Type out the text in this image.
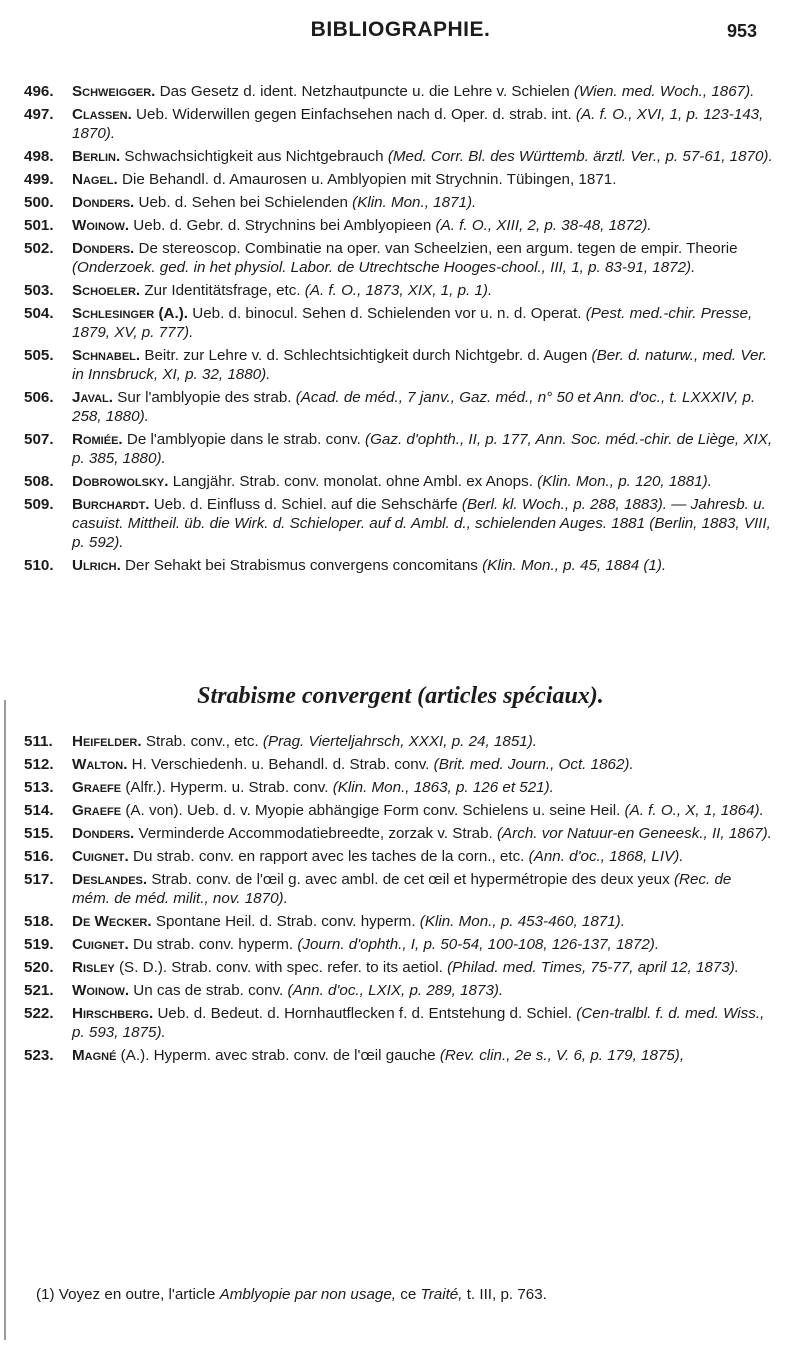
BIBLIOGRAPHIE.	953
496. Schweigger. Das Gesetz d. ident. Netzhautpuncte u. die Lehre v. Schielen (Wien. med. Woch., 1867).
497. Classen. Ueb. Widerwillen gegen Einfachsehen nach d. Oper. d. strab. int. (A. f. O., XVI, 1, p. 123-143, 1870).
498. Berlin. Schwachsichtigkeit aus Nichtgebrauch (Med. Corr. Bl. des Württemb. ärztl. Ver., p. 57-61, 1870).
499. Nagel. Die Behandl. d. Amaurosen u. Amblyopien mit Strychnin. Tübingen, 1871.
500. Donders. Ueb. d. Sehen bei Schielenden (Klin. Mon., 1871).
501. Woinow. Ueb. d. Gebr. d. Strychnins bei Amblyopieen (A. f. O., XIII, 2, p. 38-48, 1872).
502. Donders. De stereoscop. Combinatie na oper. van Scheelzien, een argum. tegen de empir. Theorie (Onderzoek. ged. in het physiol. Labor. de Utrechtsche Hooges-chool., III, 1, p. 83-91, 1872).
503. Schoeler. Zur Identitätsfrage, etc. (A. f. O., 1873, XIX, 1, p. 1).
504. Schlesinger (A.). Ueb. d. binocul. Sehen d. Schielenden vor u. n. d. Operat. (Pest. med.-chir. Presse, 1879, XV, p. 777).
505. Schnabel. Beitr. zur Lehre v. d. Schlechtsichtigkeit durch Nichtgebr. d. Augen (Ber. d. naturw., med. Ver. in Innsbruck, XI, p. 32, 1880).
506. Javal. Sur l'amblyopie des strab. (Acad. de méd., 7 janv., Gaz. méd., n° 50 et Ann. d'oc., t. LXXXIV, p. 258, 1880).
507. Romiée. De l'amblyopie dans le strab. conv. (Gaz. d'ophth., II, p. 177, Ann. Soc. méd.-chir. de Liège, XIX, p. 385, 1880).
508. Dobrowolsky. Langjähr. Strab. conv. monolat. ohne Ambl. ex Anops. (Klin. Mon., p. 120, 1881).
509. Burchardt. Ueb. d. Einfluss d. Schiel. auf die Sehschärfe (Berl. kl. Woch., p. 288, 1883). — Jahresb. u. casuist. Mittheil. üb. die Wirk. d. Schieloper. auf d. Ambl. d., schielenden Auges. 1881 (Berlin, 1883, VIII, p. 592).
510. Ulrich. Der Sehakt bei Strabismus convergens concomitans (Klin. Mon., p. 45, 1884 (1).
Strabisme convergent (articles spéciaux).
511. Heifelder. Strab. conv., etc. (Prag. Vierteljahrsch, XXXI, p. 24, 1851).
512. Walton. H. Verschiedenh. u. Behandl. d. Strab. conv. (Brit. med. Journ., Oct. 1862).
513. Graefe (Alfr.). Hyperm. u. Strab. conv. (Klin. Mon., 1863, p. 126 et 521).
514. Graefe (A. von). Ueb. d. v. Myopie abhängige Form conv. Schielens u. seine Heil. (A. f. O., X, 1, 1864).
515. Donders. Verminderde Accommodatiebreedte, zorzak v. Strab. (Arch. vor Natuur-en Geneesk., II, 1867).
516. Cuignet. Du strab. conv. en rapport avec les taches de la corn., etc. (Ann. d'oc., 1868, LIV).
517. Deslandes. Strab. conv. de l'œil g. avec ambl. de cet œil et hypermétropie des deux yeux (Rec. de mém. de méd. milit., nov. 1870).
518. De Wecker. Spontane Heil. d. Strab. conv. hyperm. (Klin. Mon., p. 453-460, 1871).
519. Cuignet. Du strab. conv. hyperm. (Journ. d'ophth., I, p. 50-54, 100-108, 126-137, 1872).
520. Risley (S. D.). Strab. conv. with spec. refer. to its aetiol. (Philad. med. Times, 75-77, april 12, 1873).
521. Woinow. Un cas de strab. conv. (Ann. d'oc., LXIX, p. 289, 1873).
522. Hirschberg. Ueb. d. Bedeut. d. Hornhautflecken f. d. Entstehung d. Schiel. (Cen-tralbl. f. d. med. Wiss., p. 593, 1875).
523. Magné (A.). Hyperm. avec strab. conv. de l'œil gauche (Rev. clin., 2e s., V. 6, p. 179, 1875),
(1) Voyez en outre, l'article Amblyopie par non usage, ce Traité, t. III, p. 763.
